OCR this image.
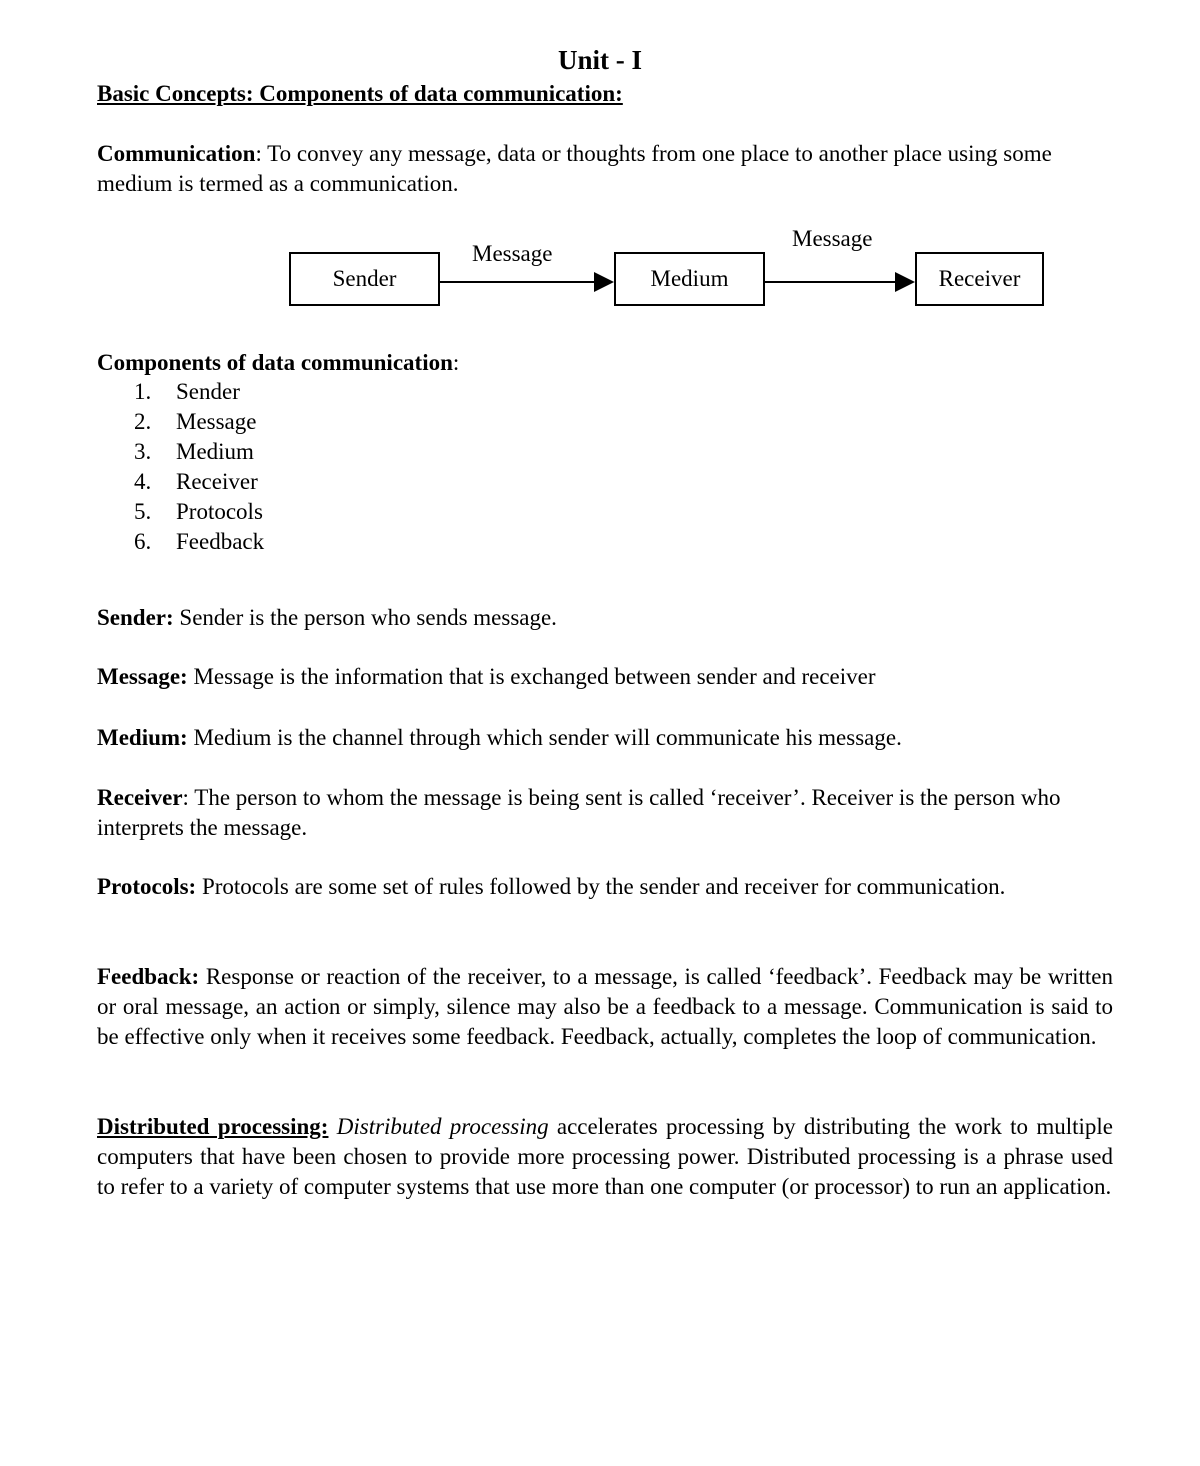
Unit - I
Basic Concepts: Components of data communication:

Communication: To convey any message, data or thoughts from one place to another place using some medium is termed as a communication.

Sender	Medium	Receiver
Message
Message

Components of data communication:

1.	Sender
2.	Message
3.	Medium
4.	Receiver
5.	Protocols
6.	Feedback

Sender: Sender is the person who sends message.

Message: Message is the information that is exchanged between sender and receiver

Medium: Medium is the channel through which sender will communicate his message.

Receiver: The person to whom the message is being sent is called ‘receiver’. Receiver is the person who interprets the message.

Protocols: Protocols are some set of rules followed by the sender and receiver for communication.

Feedback: Response or reaction of the receiver, to a message, is called ‘feedback’. Feedback may be written or oral message, an action or simply, silence may also be a feedback to a message. Communication is said to be effective only when it receives some feedback. Feedback, actually, completes the loop of communication.

Distributed processing: Distributed processing accelerates processing by distributing the work to multiple computers that have been chosen to provide more processing power. Distributed processing is a phrase used to refer to a variety of computer systems that use more than one computer (or processor) to run an application.
